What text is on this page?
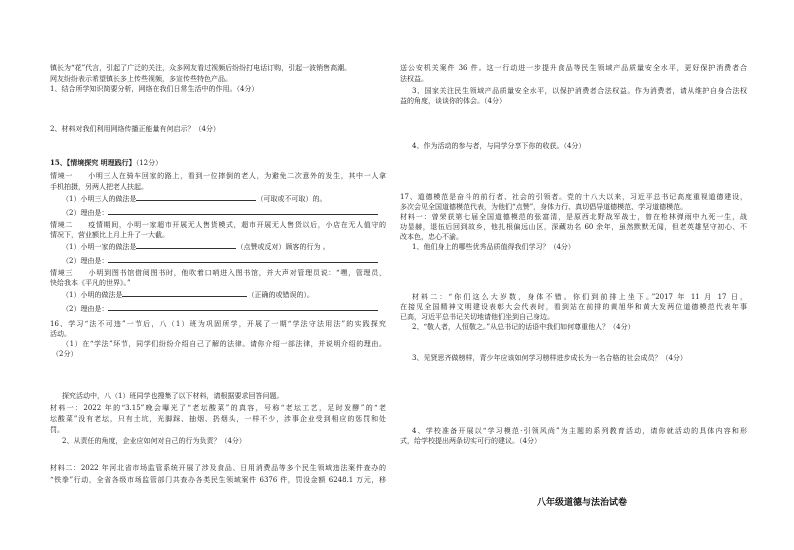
镇长为“花”代言，引起了广泛的关注，众多网友看过视频后纷纷打电话订购，引起一波销售高潮。
网友纷纷表示希望镇长多上传些视频，多宣传些特色产品。
1、结合所学知识简要分析，网络在我们日常生活中的作用。（4分）
2、材料对我们利用网络传播正能量有何启示？（4分）
15、【情境探究 明理践行】（12分）
情境一　　小明三人在骑车回家的路上，看到一位摔倒的老人，为避免二次意外的发生，其中一人拿
手机拍摄，另两人把老人扶起。
（1）小明三人的做法是	（可取或不可取）的。
（2）理由是：
情境二　　疫情期间，小明一家超市开展无人售货模式，超市开展无人售货以后，小店在无人值守的
情况下，营业额比上月上升了一大截。
（1）小明一家的做法是	（点赞或反对）顾客的行为 。
（2）理由是：
情境三　　小明到图书馆借阅图书时，他吹着口哨进入图书馆，并大声对管理员说：“嘿，管理员，
快给我本《平凡的世界》。”
（1）小明的做法是	（正确的或错误的）。
（2）理由是：
16、学习“法不可违”一节后，八（1）班为巩固所学，开展了一期“学法守法用法”的实践探究
活动。
（1）在“学法”环节，同学们纷纷介绍自己了解的法律。请你介绍一部法律，并说明介绍的理由。
（2分）
探究活动中，八（1）班同学也搜集了以下材料，请根据要求回答问题。
材料一：2022 年的“3.15”晚会曝光了“老坛酸菜”的真容，号称“老坛工艺，足时发酵”的“老
坛酸菜”没有老坛，只有土坑，光脚踩、抽烟、扔烟头，一样不少，涉事企业受到相应的惩罚和处
罚。
2、从责任的角度，企业应如何对自己的行为负责？（4分）
材料二：2022 年河北省市场监管系统开展了涉及食品、日用消费品等多个民生领域违法案件查办的
“铁拳”行动，全省各级市场监管部门共查办各类民生领域案件 6376 件，罚没金额 6248.1 万元，移
送公安机关案件 36 件。这一行动进一步提升食品等民生领域产品质量安全水平，更好保护消费者合
法权益。
3、国家关注民生领域产品质量安全水平，以保护消费者合法权益。作为消费者，请从维护自身合法权
益的角度，谈谈你的体会。（4分）
4、作为活动的参与者，与同学分享下你的收获。（4分）
17、道德模范是奋斗的前行者、社会的引领者。党的十八大以来，习近平总书记高度重视道德建设，
多次会见全国道德模范代表，为他们“点赞”，身体力行、真切倡导道德模范、学习道德模范。
材料一：曾荣获第七届全国道德模范的张富清，是原西北野战军战士，曾在枪林弹雨中九死一生，战
功显赫，退伍后回到故乡，他扎根偏远山区，深藏功名 60 余年，虽然默默无闻，但老英雄坚守初心、不
改本色，忠心不渝。
1、他们身上的哪些优秀品质值得我们学习？（4分）
材料二：“你们这么大岁数，身体不错。你们到前排上坐下。”2017 年 11 月 17 日，
在接见全国精神文明建设表彰大会代表时，看到站在前排的黄旭华和黄大发两位道德模范代表年事
已高，习近平总书记关切地请他们坐到自己身边。
2、“敬人者，人恒敬之。”从总书记的话语中我们如何尊重他人？（4分）
3、见贤思齐做榜样，青少年应该如何学习榜样进步成长为一名合格的社会成员？（4分）
4、学校准备开展以“学习模范·引领风尚”为主题的系列教育活动，请你就活动的具体内容和形
式，给学校提出两条切实可行的建议。（4分）
八年级道德与法治试卷
